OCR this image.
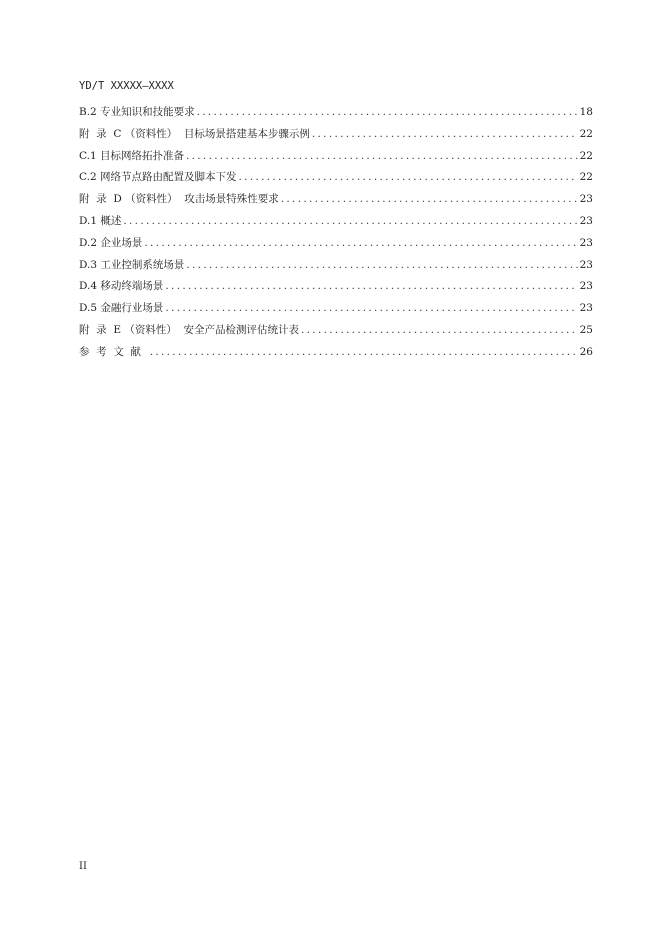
YD/T XXXXX—XXXX
B.2 专业知识和技能要求 .....	18
附  录  C （资料性）  目标场景搭建基本步骤示例 .....	22
C.1 目标网络拓扑准备 .....	22
C.2 网络节点路由配置及脚本下发 .....	22
附  录  D （资料性）  攻击场景特殊性要求 .....	23
D.1 概述 .....	23
D.2 企业场景 .....	23
D.3 工业控制系统场景 .....	23
D.4 移动终端场景 .....	23
D.5 金融行业场景 .....	23
附  录  E （资料性）  安全产品检测评估统计表 .....	25
参  考  文  献 .....	26
II
